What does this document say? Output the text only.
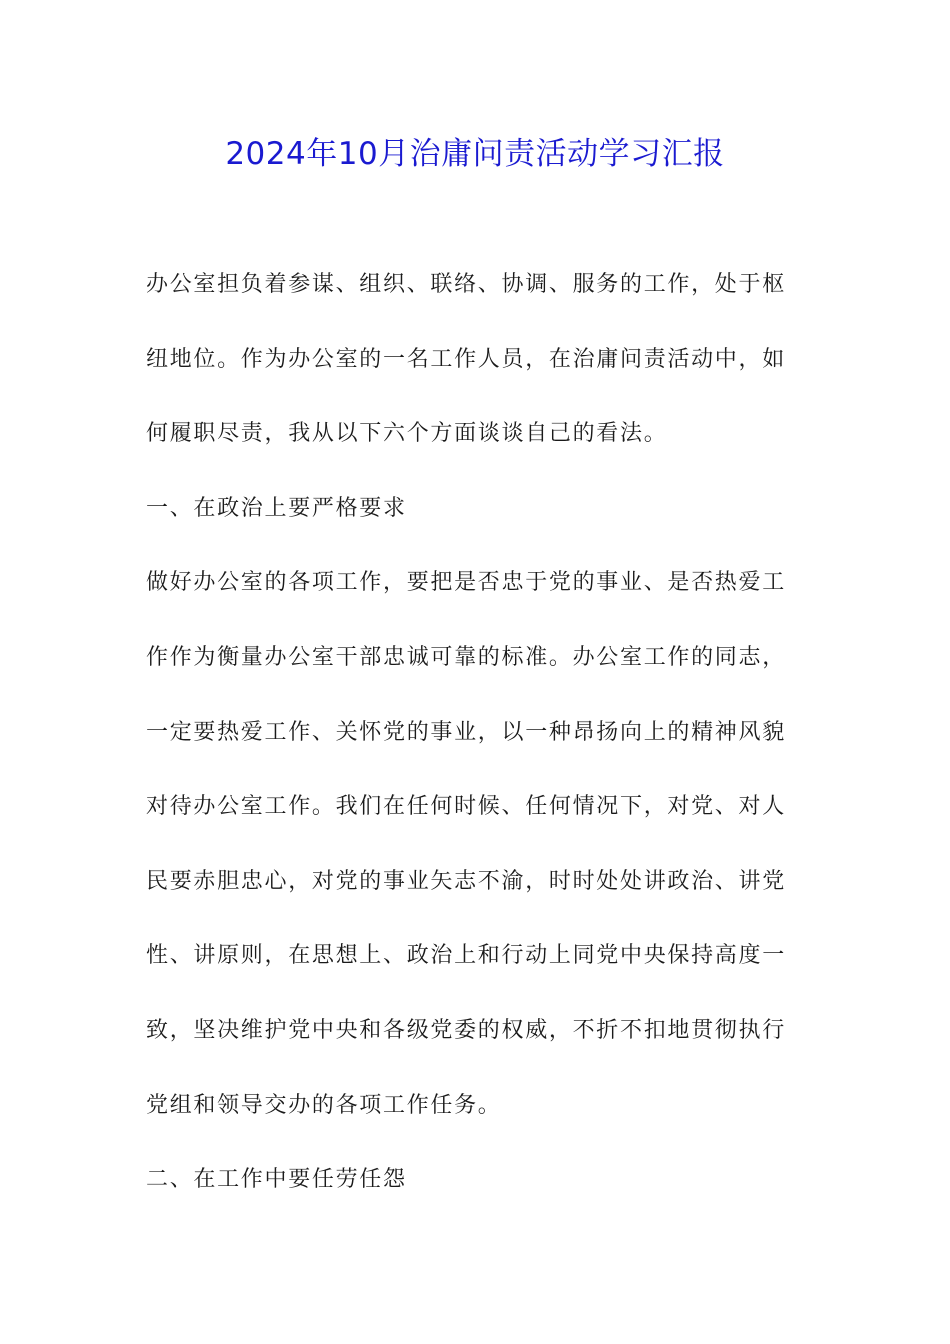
2024年10月治庸问责活动学习汇报
办公室担负着参谋、组织、联络、协调、服务的工作，处于枢
纽地位。作为办公室的一名工作人员，在治庸问责活动中，如
何履职尽责，我从以下六个方面谈谈自己的看法。
一、在政治上要严格要求
做好办公室的各项工作，要把是否忠于党的事业、是否热爱工
作作为衡量办公室干部忠诚可靠的标准。办公室工作的同志，
一定要热爱工作、关怀党的事业，以一种昂扬向上的精神风貌
对待办公室工作。我们在任何时候、任何情况下，对党、对人
民要赤胆忠心，对党的事业矢志不渝，时时处处讲政治、讲党
性、讲原则，在思想上、政治上和行动上同党中央保持高度一
致，坚决维护党中央和各级党委的权威，不折不扣地贯彻执行
党组和领导交办的各项工作任务。
二、在工作中要任劳任怨
